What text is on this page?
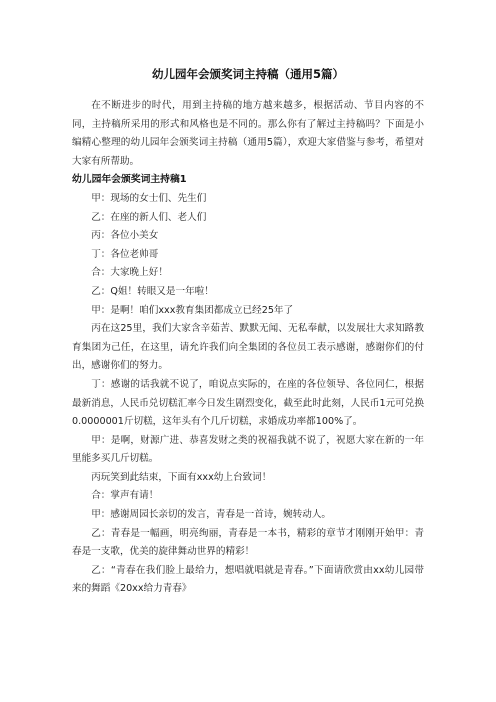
幼儿园年会颁奖词主持稿（通用5篇）

在不断进步的时代，用到主持稿的地方越来越多，根据活动、节目内容的不同，主持稿所采用的形式和风格也是不同的。那么你有了解过主持稿吗？下面是小编精心整理的幼儿园年会颁奖词主持稿（通用5篇），欢迎大家借鉴与参考，希望对大家有所帮助。

幼儿园年会颁奖词主持稿1

甲：现场的女士们、先生们

乙：在座的新人们、老人们

丙：各位小美女

丁：各位老帅哥

合：大家晚上好！

乙：Q姐！转眼又是一年啦！

甲：是啊！咱们xxx教育集团都成立已经25年了

丙在这25里，我们大家含辛茹苦、默默无闻、无私奉献，以发展壮大求知路教育集团为己任，在这里，请允许我们向全集团的各位员工表示感谢，感谢你们的付出，感谢你们的努力。

丁：感谢的话我就不说了，咱说点实际的，在座的各位领导、各位同仁，根据最新消息，人民币兑切糕汇率今日发生剧烈变化，截至此时此刻，人民币1元可兑换0.0000001斤切糕，这年头有个几斤切糕，求婚成功率都100%了。

甲：是啊，财源广进、恭喜发财之类的祝福我就不说了，祝愿大家在新的一年里能多买几斤切糕。

丙玩笑到此结束，下面有xxx幼上台致词！

合：掌声有请！

甲：感谢周园长亲切的发言，青春是一首诗，婉转动人。

乙：青春是一幅画，明亮绚丽，青春是一本书，精彩的章节才刚刚开始甲：青春是一支歌，优美的旋律舞动世界的精彩！

乙：“青春在我们脸上最给力，想唱就唱就是青春。”下面请欣赏由xx幼儿园带来的舞蹈《20xx给力青春》
